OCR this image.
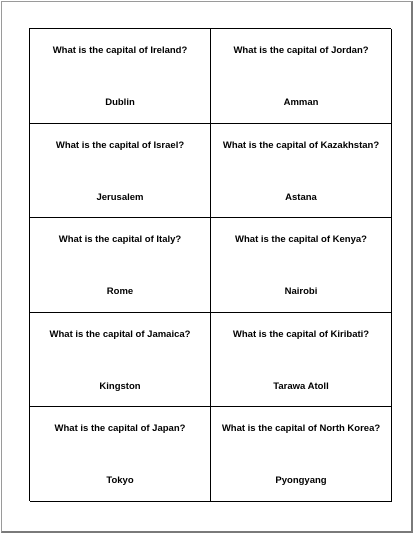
What is the capital of Ireland?
Dublin
What is the capital of Jordan?
Amman
What is the capital of Israel?
Jerusalem
What is the capital of Kazakhstan?
Astana
What is the capital of Italy?
Rome
What is the capital of Kenya?
Nairobi
What is the capital of Jamaica?
Kingston
What is the capital of Kiribati?
Tarawa Atoll
What is the capital of Japan?
Tokyo
What is the capital of North Korea?
Pyongyang
